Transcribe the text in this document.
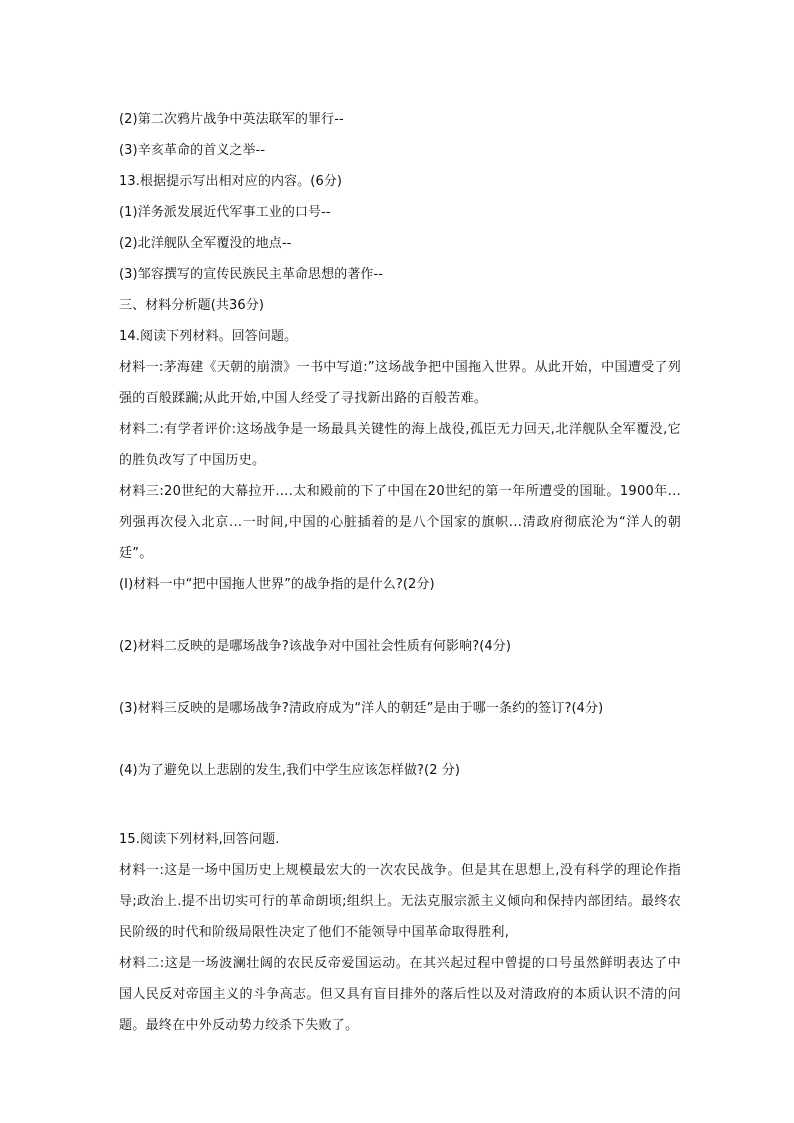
(2)第二次鸦片战争中英法联军的罪行--
(3)辛亥革命的首义之举--
13.根据提示写出相对应的内容。(6分)
(1)洋务派发展近代军事工业的口号--
(2)北洋舰队全军覆没的地点--
(3)邹容撰写的宣传民族民主革命思想的著作--
三、材料分析题(共36分)
14.阅读下列材料。回答问题。
材料一:茅海建《天朝的崩溃》一书中写道:”这场战争把中国拖入世界。从此开始，中国遭受了列强的百般蹂躏;从此开始,中国人经受了寻找新出路的百般苦难。
材料二:有学者评价:这场战争是一场最具关键性的海上战役,孤臣无力回天,北洋舰队全军覆没,它的胜负改写了中国历史。
材料三:20世纪的大幕拉开....太和殿前的下了中国在20世纪的第一年所遭受的国耻。1900年...列强再次侵入北京...一时间,中国的心脏插着的是八个国家的旗帜...清政府彻底沦为“洋人的朝廷”。
(I)材料一中“把中国拖人世界”的战争指的是什么?(2分)
(2)材料二反映的是哪场战争?该战争对中国社会性质有何影响?(4分)
(3)材料三反映的是哪场战争?清政府成为“洋人的朝廷”是由于哪一条约的签订?(4分)
(4)为了避免以上悲剧的发生,我们中学生应该怎样做?(2 分)
15.阅读下列材料,回答问题.
材料一:这是一场中国历史上规模最宏大的一次农民战争。但是其在思想上,没有科学的理论作指导;政治上.提不出切实可行的革命朗顷;组织上。无法克服宗派主义倾向和保持内部团结。最终农民阶级的时代和阶级局限性决定了他们不能领导中国革命取得胜利,
材料二:这是一场波澜壮阔的农民反帝爱国运动。在其兴起过程中曾提的口号虽然鲜明表达了中国人民反对帝国主义的斗争高志。但又具有盲目排外的落后性以及对清政府的本质认识不清的问题。最终在中外反动势力绞杀下失败了。
